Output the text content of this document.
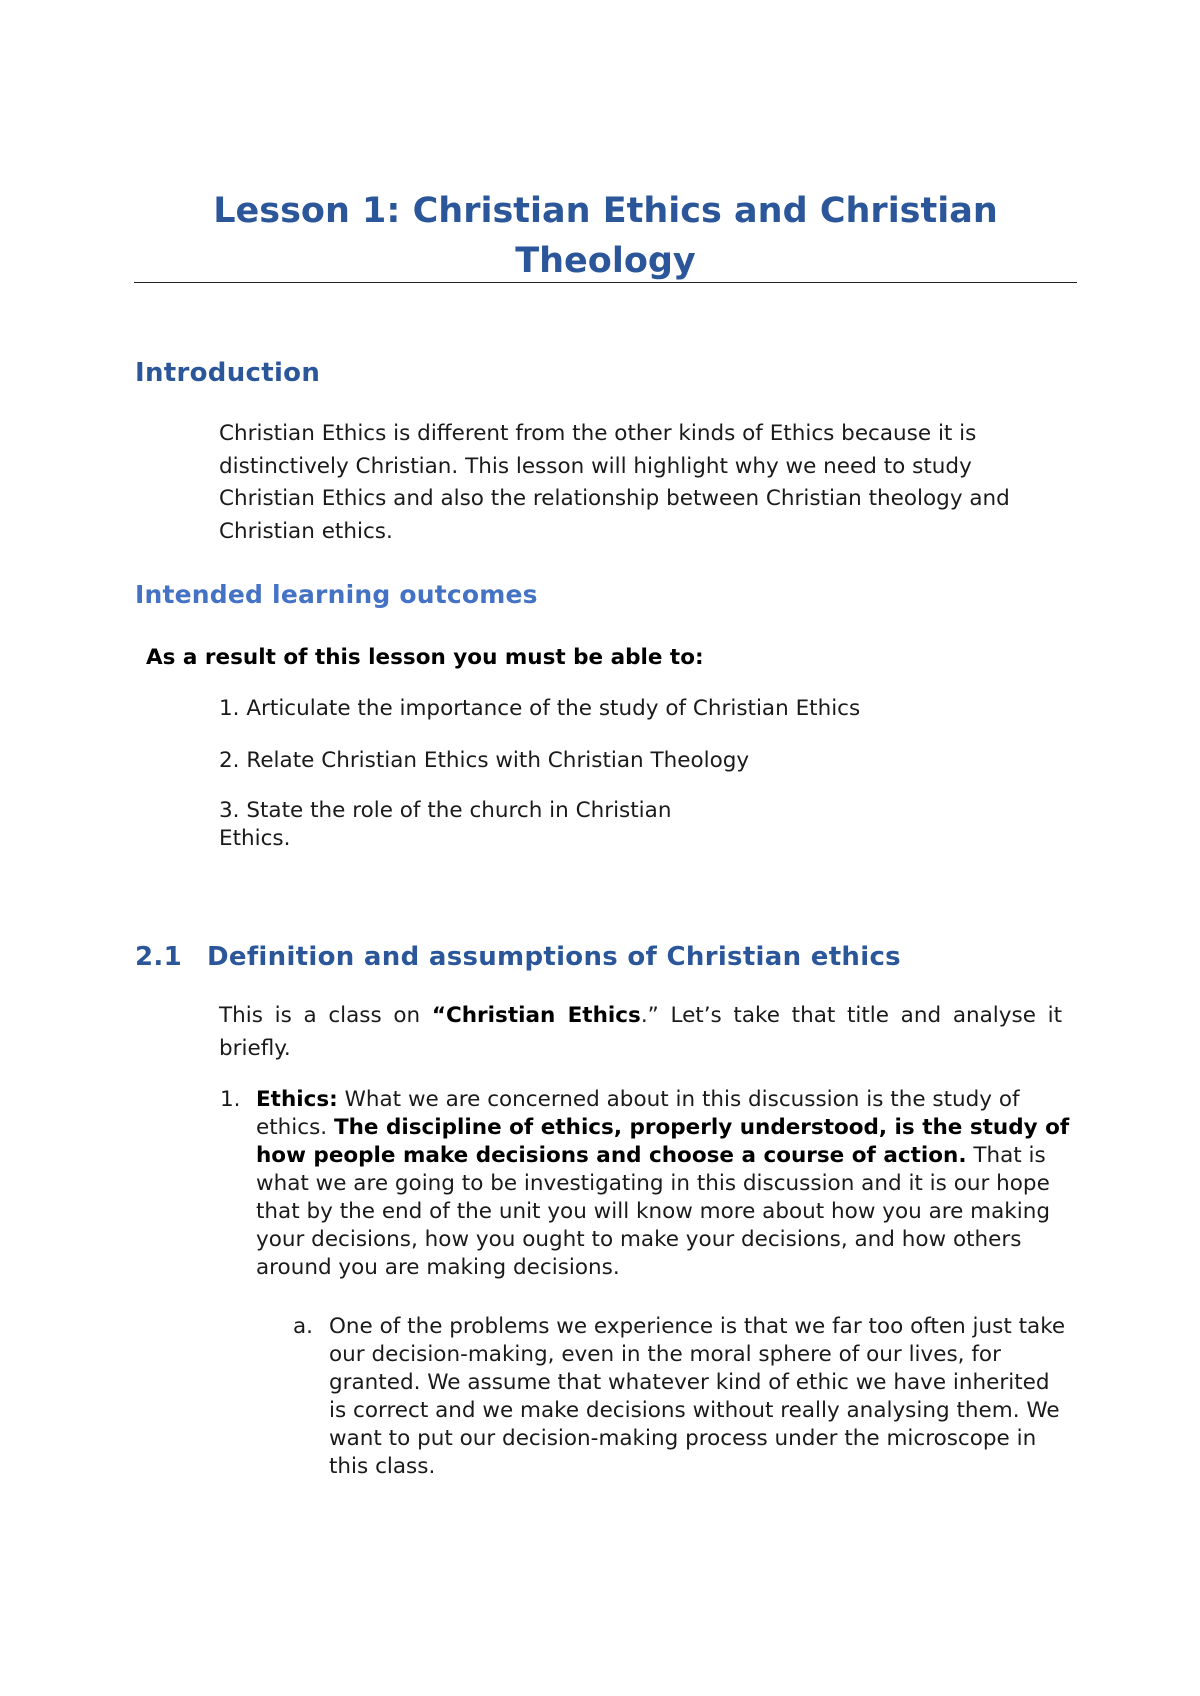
Lesson 1: Christian Ethics and Christian Theology
Introduction

Christian Ethics is different from the other kinds of Ethics because it is distinctively Christian. This lesson will highlight why we need to study Christian Ethics and also the relationship between Christian theology and Christian ethics.

Intended learning outcomes

As a result of this lesson you must be able to:

1. Articulate the importance of the study of Christian Ethics

2. Relate Christian Ethics with Christian Theology

3. State the role of the church in Christian Ethics.

2.1 Definition and assumptions of Christian ethics

This is a class on “Christian Ethics.” Let’s take that title and analyse it briefly.

1. Ethics: What we are concerned about in this discussion is the study of ethics. The discipline of ethics, properly understood, is the study of how people make decisions and choose a course of action. That is what we are going to be investigating in this discussion and it is our hope that by the end of the unit you will know more about how you are making your decisions, how you ought to make your decisions, and how others around you are making decisions.
a. One of the problems we experience is that we far too often just take our decision-making, even in the moral sphere of our lives, for granted. We assume that whatever kind of ethic we have inherited is correct and we make decisions without really analysing them. We want to put our decision-making process under the microscope in this class.
